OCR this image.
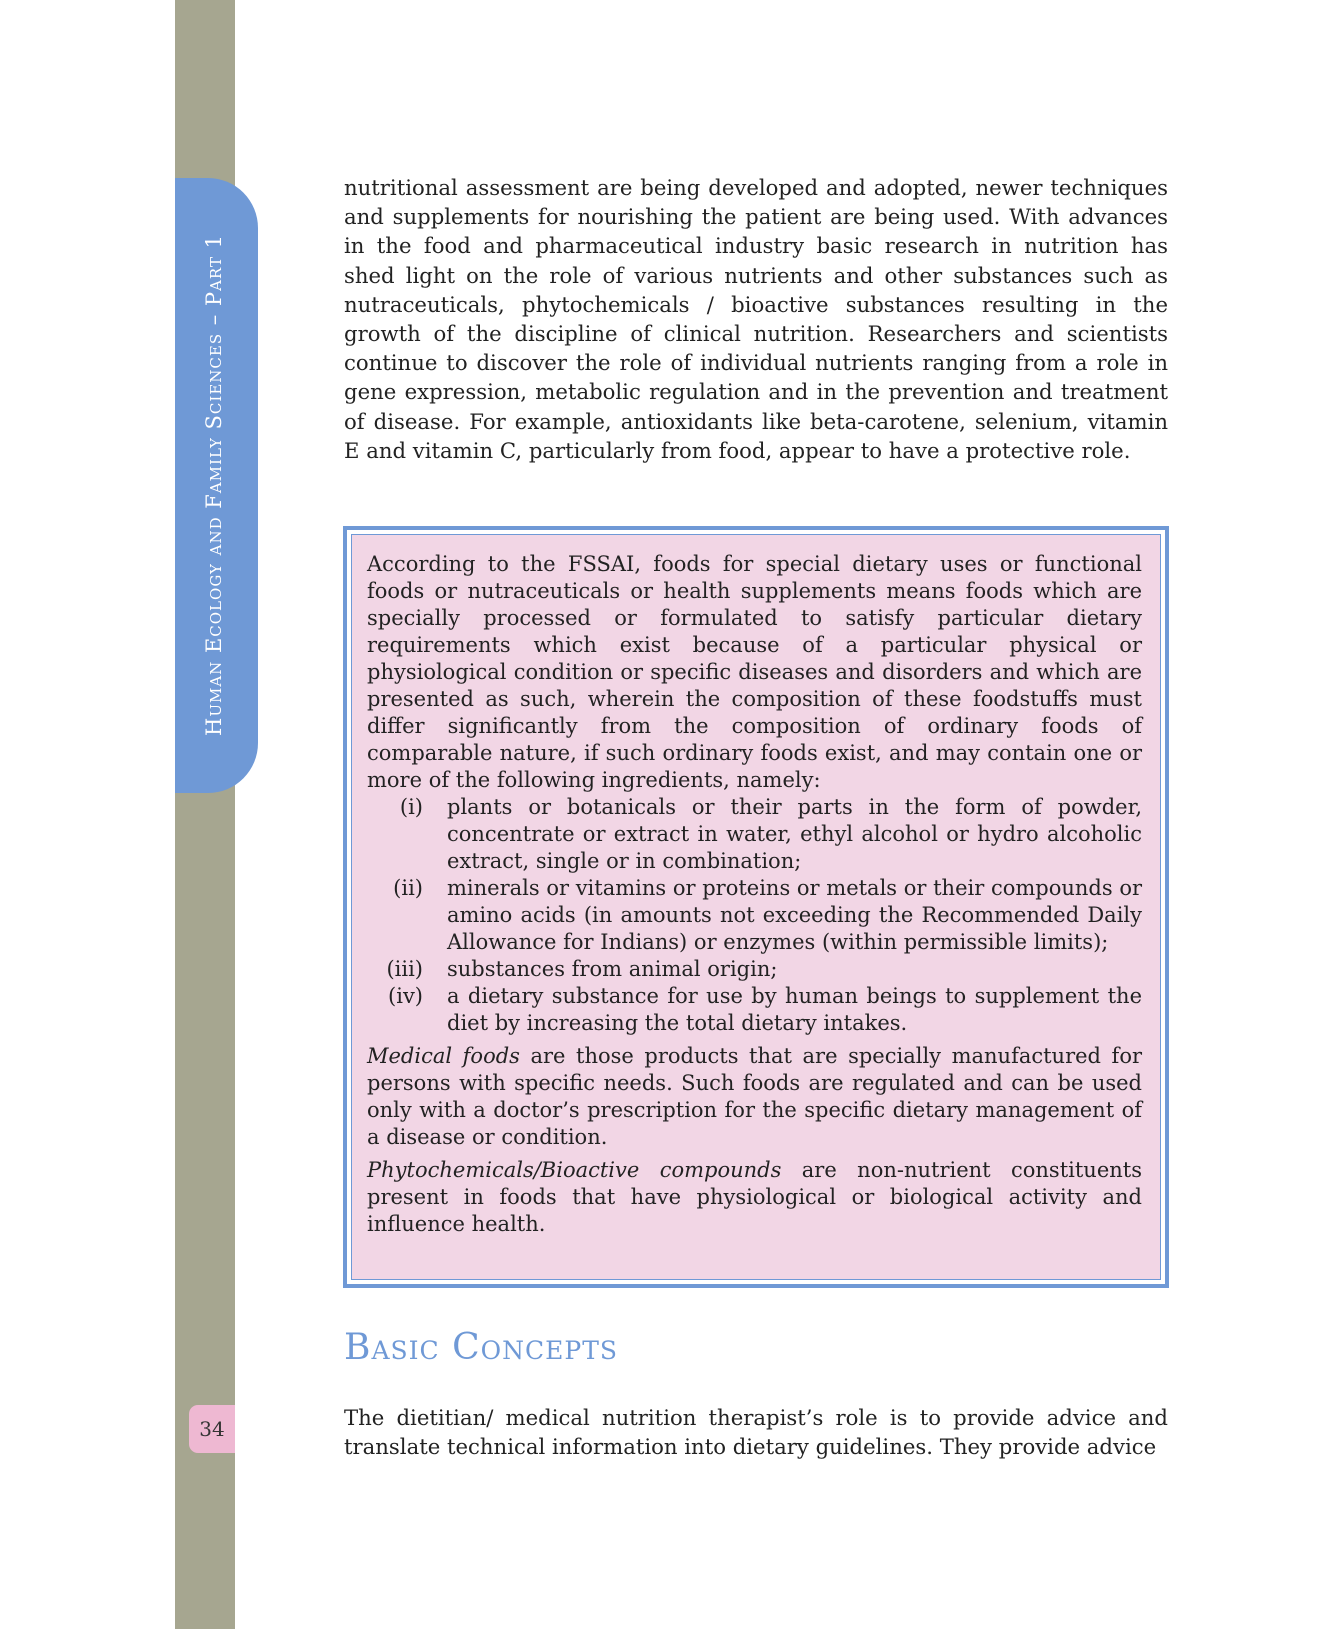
Human Ecology and Family Sciences – Part 1
34

nutritional assessment are being developed and adopted, newer techniques and supplements for nourishing the patient are being used. With advances in the food and pharmaceutical industry basic research in nutrition has shed light on the role of various nutrients and other substances such as nutraceuticals, phytochemicals / bioactive substances resulting in the growth of the discipline of clinical nutrition. Researchers and scientists continue to discover the role of individual nutrients ranging from a role in gene expression, metabolic regulation and in the prevention and treatment of disease. For example, antioxidants like beta-carotene, selenium, vitamin E and vitamin C, particularly from food, appear to have a protective role.

According to the FSSAI, foods for special dietary uses or functional foods or nutraceuticals or health supplements means foods which are specially processed or formulated to satisfy particular dietary requirements which exist because of a particular physical or physiological condition or specific diseases and disorders and which are presented as such, wherein the composition of these foodstuffs must differ significantly from the composition of ordinary foods of comparable nature, if such ordinary foods exist, and may contain one or more of the following ingredients, namely:

(i)	plants or botanicals or their parts in the form of powder, concentrate or extract in water, ethyl alcohol or hydro alcoholic extract, single or in combination;
(ii)	minerals or vitamins or proteins or metals or their compounds or amino acids (in amounts not exceeding the Recommended Daily Allowance for Indians) or enzymes (within permissible limits);
(iii)	substances from animal origin;
(iv)	a dietary substance for use by human beings to supplement the diet by increasing the total dietary intakes.

Medical foods are those products that are specially manufactured for persons with specific needs. Such foods are regulated and can be used only with a doctor’s prescription for the specific dietary management of a disease or condition.

Phytochemicals/Bioactive compounds are non-nutrient constituents present in foods that have physiological or biological activity and influence health.

Basic Concepts

The dietitian/ medical nutrition therapist’s role is to provide advice and translate technical information into dietary guidelines. They provide advice
